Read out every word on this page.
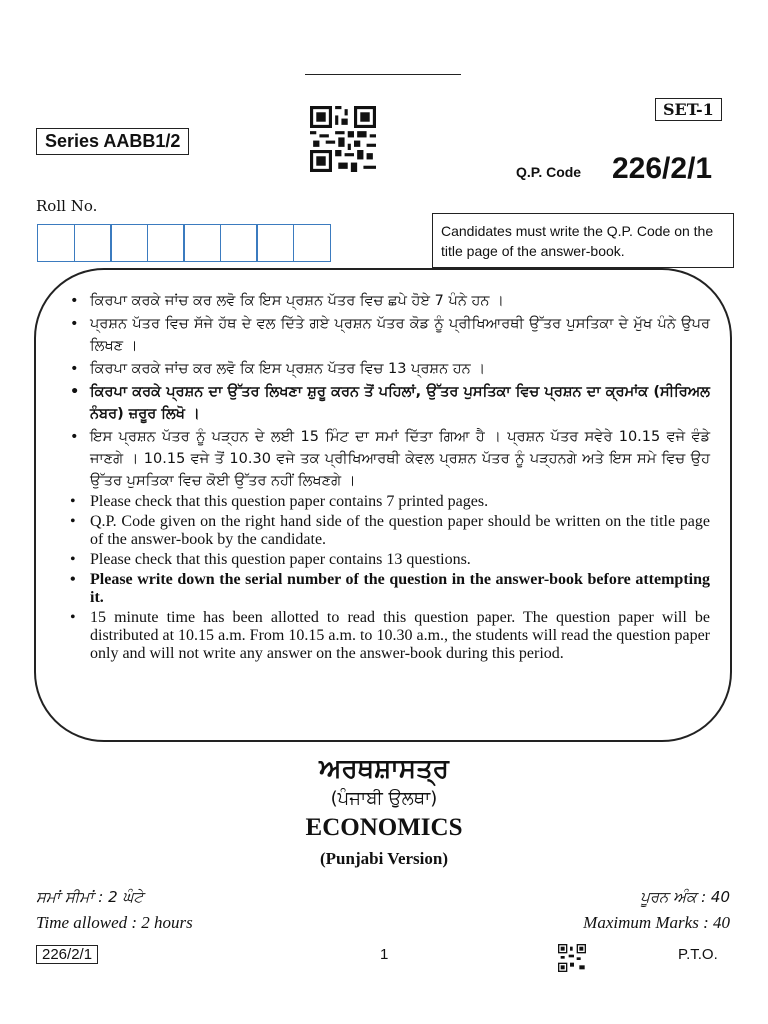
Series AABB1/2
SET-1
Q.P. Code 226/2/1
Roll No.
Candidates must write the Q.P. Code on the title page of the answer-book.
• ਕਿਰਪਾ ਕਰਕੇ ਜਾਂਚ ਕਰ ਲਵੋ ਕਿ ਇਸ ਪ੍ਰਸ਼ਨ ਪੱਤਰ ਵਿਚ ਛਪੇ ਹੋਏ 7 ਪੰਨੇ ਹਨ ।
• ਪ੍ਰਸ਼ਨ ਪੱਤਰ ਵਿਚ ਸੱਜੇ ਹੱਥ ਦੇ ਵਲ ਦਿੱਤੇ ਗਏ ਪ੍ਰਸ਼ਨ ਪੱਤਰ ਕੋਡ ਨੂੰ ਪ੍ਰੀਖਿਆਰਥੀ ਉੱਤਰ ਪੁਸਤਿਕਾ ਦੇ ਮੁੱਖ ਪੰਨੇ ਉਪਰ ਲਿਖਣ ।
• ਕਿਰਪਾ ਕਰਕੇ ਜਾਂਚ ਕਰ ਲਵੋ ਕਿ ਇਸ ਪ੍ਰਸ਼ਨ ਪੱਤਰ ਵਿਚ 13 ਪ੍ਰਸ਼ਨ ਹਨ ।
• ਕਿਰਪਾ ਕਰਕੇ ਪ੍ਰਸ਼ਨ ਦਾ ਉੱਤਰ ਲਿਖਣਾ ਸ਼ੁਰੂ ਕਰਨ ਤੋਂ ਪਹਿਲਾਂ, ਉੱਤਰ ਪੁਸਤਿਕਾ ਵਿਚ ਪ੍ਰਸ਼ਨ ਦਾ ਕ੍ਰਮਾਂਕ (ਸੀਰਿਅਲ ਨੰਬਰ) ਜ਼ਰੂਰ ਲਿਖੋ ।
• ਇਸ ਪ੍ਰਸ਼ਨ ਪੱਤਰ ਨੂੰ ਪੜ੍ਹਨ ਦੇ ਲਈ 15 ਮਿੰਟ ਦਾ ਸਮਾਂ ਦਿੱਤਾ ਗਿਆ ਹੈ । ਪ੍ਰਸ਼ਨ ਪੱਤਰ ਸਵੇਰੇ 10.15 ਵਜੇ ਵੰਡੇ ਜਾਣਗੇ । 10.15 ਵਜੇ ਤੋਂ 10.30 ਵਜੇ ਤਕ ਪ੍ਰੀਖਿਆਰਥੀ ਕੇਵਲ ਪ੍ਰਸ਼ਨ ਪੱਤਰ ਨੂੰ ਪੜ੍ਹਨਗੇ ਅਤੇ ਇਸ ਸਮੇ ਵਿਚ ਉਹ ਉੱਤਰ ਪੁਸਤਿਕਾ ਵਿਚ ਕੋਈ ਉੱਤਰ ਨਹੀਂ ਲਿਖਣਗੇ ।
• Please check that this question paper contains 7 printed pages.
• Q.P. Code given on the right hand side of the question paper should be written on the title page of the answer-book by the candidate.
• Please check that this question paper contains 13 questions.
• Please write down the serial number of the question in the answer-book before attempting it.
• 15 minute time has been allotted to read this question paper. The question paper will be distributed at 10.15 a.m. From 10.15 a.m. to 10.30 a.m., the students will read the question paper only and will not write any answer on the answer-book during this period.
ਅਰਥਸ਼ਾਸਤ੍ਰ
(ਪੰਜਾਬੀ ਉਲਥਾ)
ECONOMICS
(Punjabi Version)
ਸਮਾਂ ਸੀਮਾਂ : 2 ਘੰਟੇ
Time allowed : 2 hours
ਪੂਰਨ ਅੰਕ : 40
Maximum Marks : 40
226/2/1	1	P.T.O.
